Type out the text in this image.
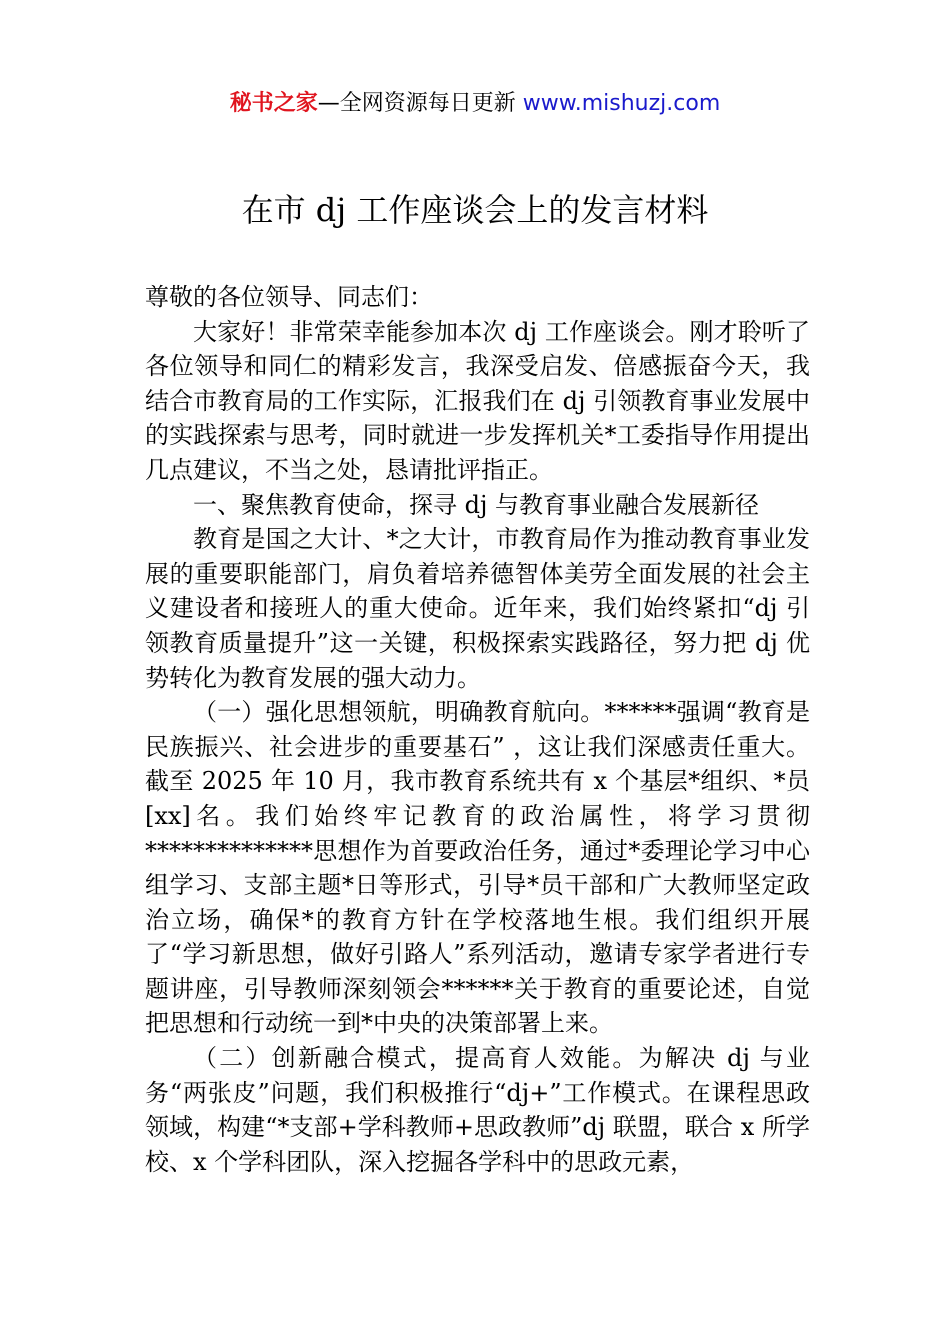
秘书之家—全网资源每日更新 www.mishuzj.com
在市 dj 工作座谈会上的发言材料

尊敬的各位领导、同志们：

大家好！非常荣幸能参加本次 dj 工作座谈会。刚才聆听了各位领导和同仁的精彩发言，我深受启发、倍感振奋今天，我结合市教育局的工作实际，汇报我们在 dj 引领教育事业发展中的实践探索与思考，同时就进一步发挥机关*工委指导作用提出几点建议，不当之处，恳请批评指正。

一、聚焦教育使命，探寻 dj 与教育事业融合发展新径

教育是国之大计、*之大计，市教育局作为推动教育事业发展的重要职能部门，肩负着培养德智体美劳全面发展的社会主义建设者和接班人的重大使命。近年来，我们始终紧扣“dj 引领教育质量提升”这一关键，积极探索实践路径，努力把 dj 优势转化为教育发展的强大动力。

（一）强化思想领航，明确教育航向。******强调“教育是民族振兴、社会进步的重要基石” ，这让我们深感责任重大。截至 2025 年 10 月，我市教育系统共有 x 个基层*组织、*员[xx]名。我们始终牢记教育的政治属性，将学习贯彻**************思想作为首要政治任务，通过*委理论学习中心组学习、支部主题*日等形式，引导*员干部和广大教师坚定政治立场，确保*的教育方针在学校落地生根。我们组织开展了“学习新思想，做好引路人”系列活动，邀请专家学者进行专题讲座，引导教师深刻领会******关于教育的重要论述，自觉把思想和行动统一到*中央的决策部署上来。

（二）创新融合模式，提高育人效能。为解决 dj 与业务“两张皮”问题，我们积极推行“dj+”工作模式。在课程思政领域，构建“*支部+学科教师+思政教师”dj 联盟，联合 x 所学校、x 个学科团队，深入挖掘各学科中的思政元素，
